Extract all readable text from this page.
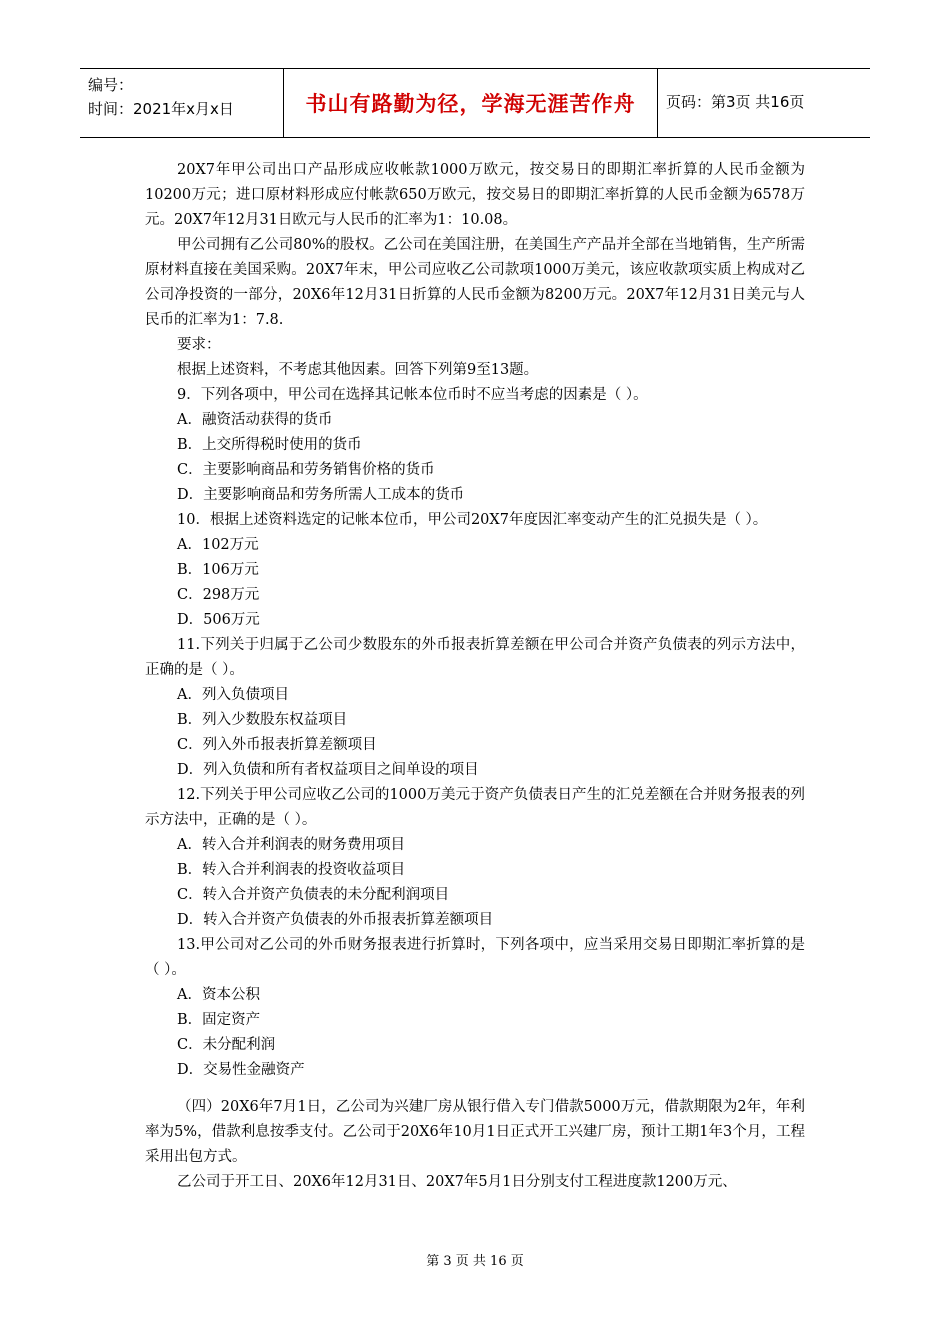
编号：
时间：2021年x月x日	书山有路勤为径，学海无涯苦作舟	页码：第3页 共16页

20X7年甲公司出口产品形成应收帐款1000万欧元，按交易日的即期汇率折算的人民币金额为10200万元；进口原材料形成应付帐款650万欧元，按交易日的即期汇率折算的人民币金额为6578万元。20X7年12月31日欧元与人民币的汇率为1：10.08。

甲公司拥有乙公司80%的股权。乙公司在美国注册，在美国生产产品并全部在当地销售，生产所需原材料直接在美国采购。20X7年末，甲公司应收乙公司款项1000万美元，该应收款项实质上构成对乙公司净投资的一部分，20X6年12月31日折算的人民币金额为8200万元。20X7年12月31日美元与人民币的汇率为1：7.8.

要求：

根据上述资料，不考虑其他因素。回答下列第9至13题。

9．下列各项中，甲公司在选择其记帐本位币时不应当考虑的因素是（ ）。

A．融资活动获得的货币

B．上交所得税时使用的货币

C．主要影响商品和劳务销售价格的货币

D．主要影响商品和劳务所需人工成本的货币

10．根据上述资料选定的记帐本位币，甲公司20X7年度因汇率变动产生的汇兑损失是（ ）。

A．102万元

B．106万元

C．298万元

D．506万元

11.下列关于归属于乙公司少数股东的外币报表折算差额在甲公司合并资产负债表的列示方法中，正确的是（ ）。

A．列入负债项目

B．列入少数股东权益项目

C．列入外币报表折算差额项目

D．列入负债和所有者权益项目之间单设的项目

12.下列关于甲公司应收乙公司的1000万美元于资产负债表日产生的汇兑差额在合并财务报表的列示方法中，正确的是（ ）。

A．转入合并利润表的财务费用项目

B．转入合并利润表的投资收益项目

C．转入合并资产负债表的未分配利润项目

D．转入合并资产负债表的外币报表折算差额项目

13.甲公司对乙公司的外币财务报表进行折算时，下列各项中，应当采用交易日即期汇率折算的是（ ）。

A．资本公积

B．固定资产

C．未分配利润

D．交易性金融资产

（四）20X6年7月1日，乙公司为兴建厂房从银行借入专门借款5000万元，借款期限为2年，年利率为5%，借款利息按季支付。乙公司于20X6年10月1日正式开工兴建厂房，预计工期1年3个月，工程采用出包方式。

乙公司于开工日、20X6年12月31日、20X7年5月1日分别支付工程进度款1200万元、

第 3 页 共 16 页
